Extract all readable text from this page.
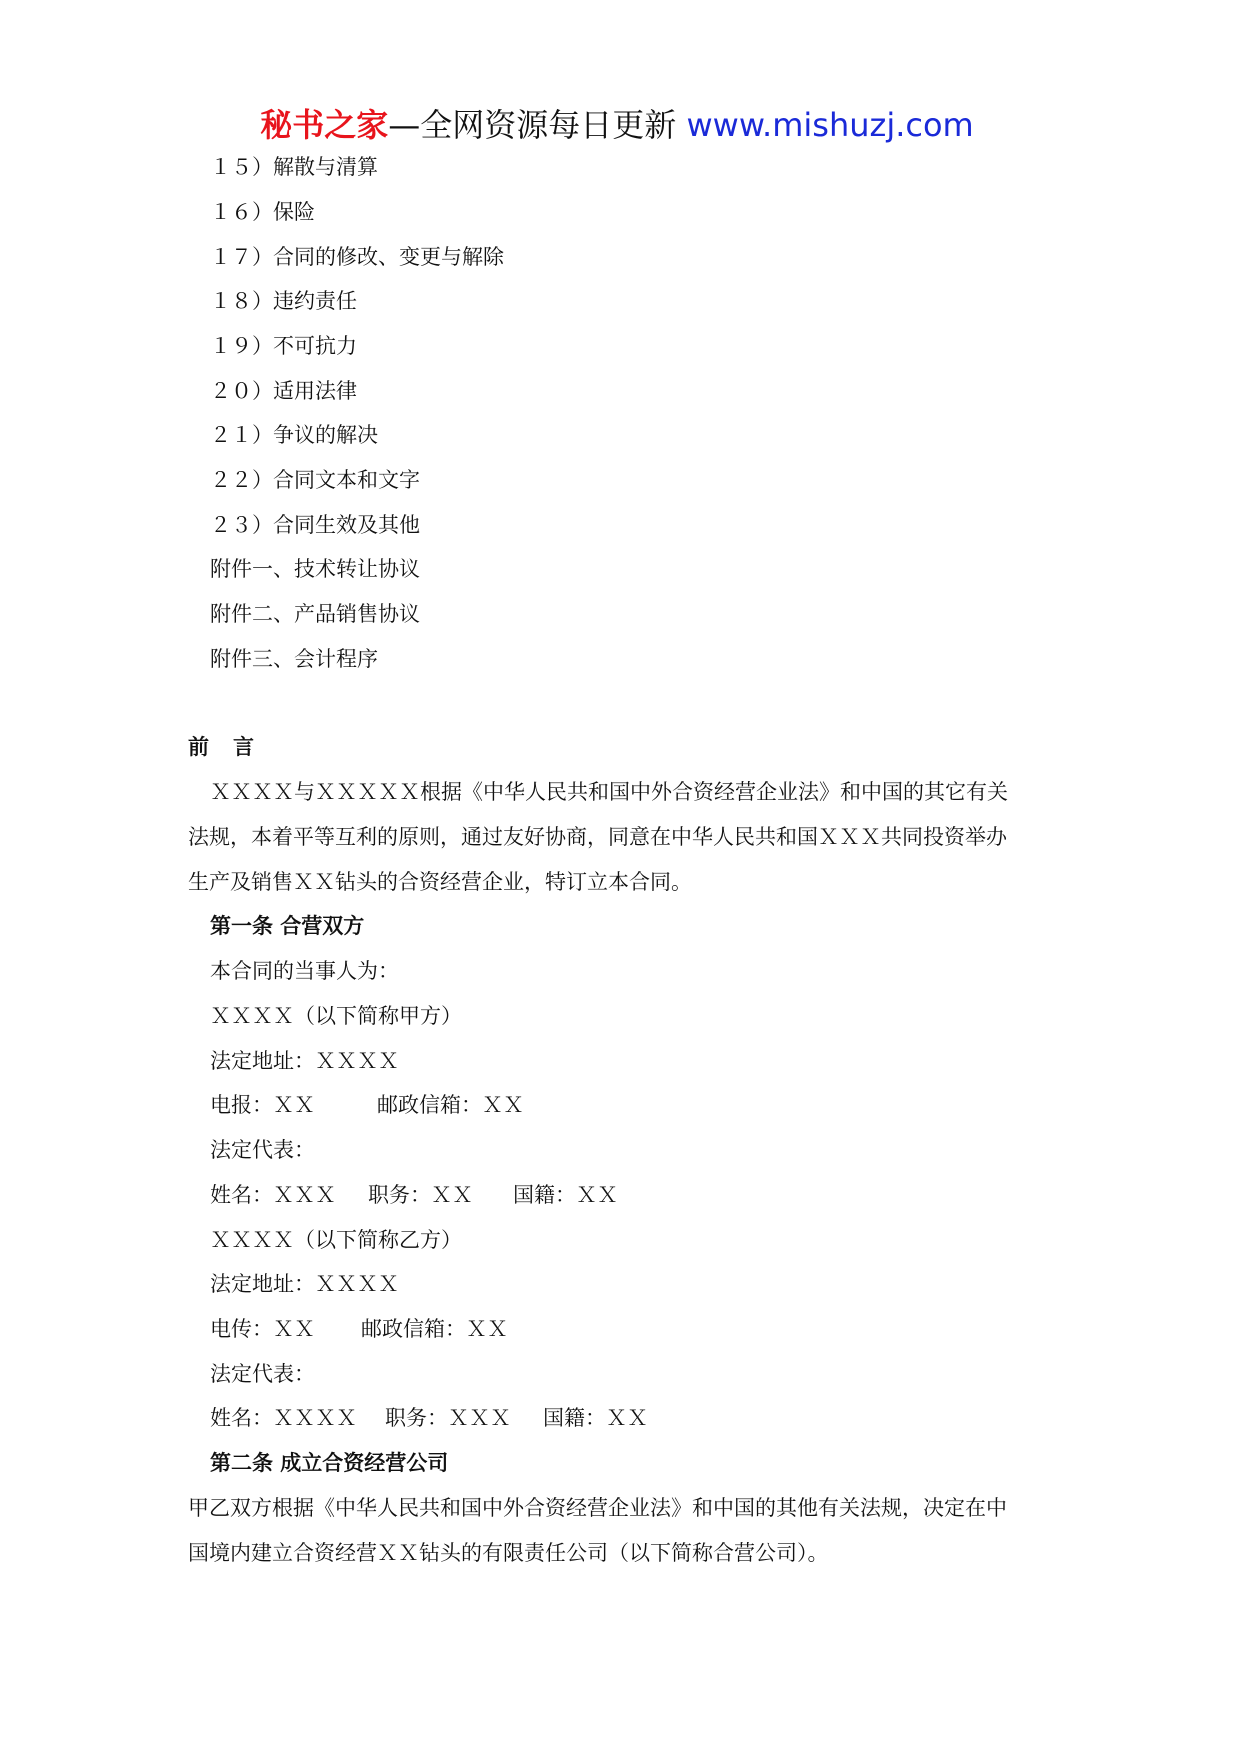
秘书之家—全网资源每日更新 www.mishuzj.com
１５）解散与清算
１６）保险
１７）合同的修改、变更与解除
１８）违约责任
１９）不可抗力
２０）适用法律
２１）争议的解决
２２）合同文本和文字
２３）合同生效及其他
附件一、技术转让协议
附件二、产品销售协议
附件三、会计程序
前 言
ＸＸＸＸ与ＸＸＸＸＸ根据《中华人民共和国中外合资经营企业法》和中国的其它有关
法规，本着平等互利的原则，通过友好协商，同意在中华人民共和国ＸＸＸ共同投资举办
生产及销售ＸＸ钻头的合资经营企业，特订立本合同。
第一条 合营双方
本合同的当事人为：
ＸＸＸＸ（以下简称甲方）
法定地址：ＸＸＸＸ
电报：ＸＸ	邮政信箱：ＸＸ
法定代表：
姓名：ＸＸＸ 职务：ＸＸ 国籍：ＸＸ
ＸＸＸＸ（以下简称乙方）
法定地址：ＸＸＸＸ
电传：ＸＸ 邮政信箱：ＸＸ
法定代表：
姓名：ＸＸＸＸ 职务：ＸＸＸ 国籍：ＸＸ
第二条 成立合资经营公司
甲乙双方根据《中华人民共和国中外合资经营企业法》和中国的其他有关法规，决定在中
国境内建立合资经营ＸＸ钻头的有限责任公司（以下简称合营公司）。
